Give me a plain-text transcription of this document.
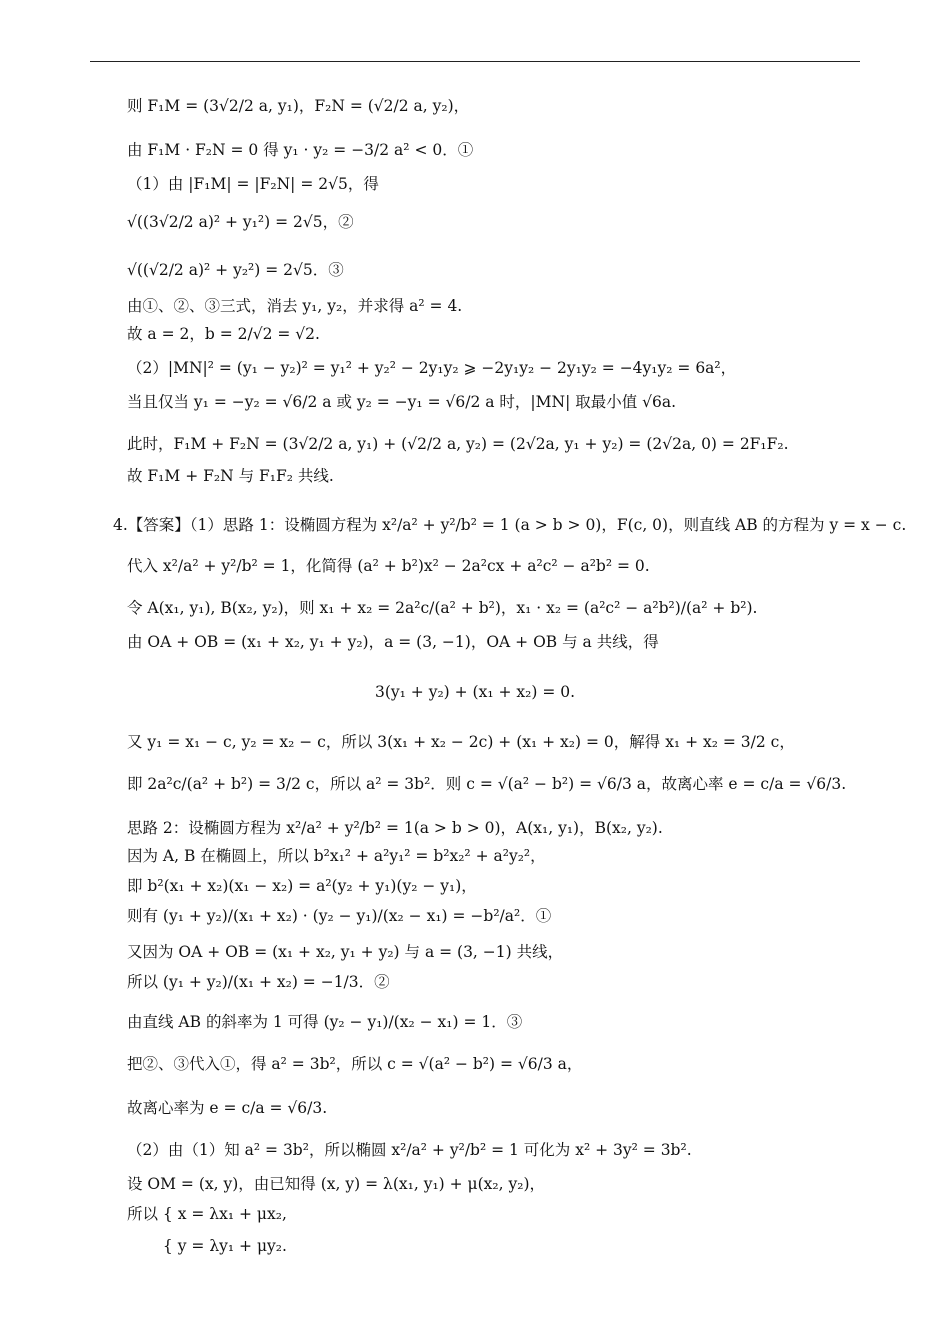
则 F₁M = (3√2/2 a, y₁)，F₂N = (√2/2 a, y₂)，
由 F₁M · F₂N = 0 得 y₁ · y₂ = −3/2 a² < 0．①
（1）由 |F₁M| = |F₂N| = 2√5，得
√((3√2/2 a)² + y₁²) = 2√5，②
√((√2/2 a)² + y₂²) = 2√5．③
由①、②、③三式，消去 y₁, y₂，并求得 a² = 4.
故 a = 2，b = 2/√2 = √2.
（2）|MN|² = (y₁ − y₂)² = y₁² + y₂² − 2y₁y₂ ⩾ −2y₁y₂ − 2y₁y₂ = −4y₁y₂ = 6a²，
当且仅当 y₁ = −y₂ = √6/2 a 或 y₂ = −y₁ = √6/2 a 时，|MN| 取最小值 √6a.
此时，F₁M + F₂N = (3√2/2 a, y₁) + (√2/2 a, y₂) = (2√2a, y₁ + y₂) = (2√2a, 0) = 2F₁F₂.
故 F₁M + F₂N 与 F₁F₂ 共线.
4.【答案】（1）思路 1：设椭圆方程为 x²/a² + y²/b² = 1 (a > b > 0)，F(c, 0)，则直线 AB 的方程为 y = x − c.
代入 x²/a² + y²/b² = 1，化简得 (a² + b²)x² − 2a²cx + a²c² − a²b² = 0.
令 A(x₁, y₁), B(x₂, y₂)，则 x₁ + x₂ = 2a²c/(a² + b²)，x₁ · x₂ = (a²c² − a²b²)/(a² + b²).
由 OA + OB = (x₁ + x₂, y₁ + y₂)，a = (3, −1)，OA + OB 与 a 共线，得
3(y₁ + y₂) + (x₁ + x₂) = 0.
又 y₁ = x₁ − c, y₂ = x₂ − c，所以 3(x₁ + x₂ − 2c) + (x₁ + x₂) = 0，解得 x₁ + x₂ = 3/2 c，
即 2a²c/(a² + b²) = 3/2 c，所以 a² = 3b²．则 c = √(a² − b²) = √6/3 a，故离心率 e = c/a = √6/3.
思路 2：设椭圆方程为 x²/a² + y²/b² = 1(a > b > 0)，A(x₁, y₁)，B(x₂, y₂).
因为 A, B 在椭圆上，所以 b²x₁² + a²y₁² = b²x₂² + a²y₂²，
即 b²(x₁ + x₂)(x₁ − x₂) = a²(y₂ + y₁)(y₂ − y₁)，
则有 (y₁ + y₂)/(x₁ + x₂) · (y₂ − y₁)/(x₂ − x₁) = −b²/a²．①
又因为 OA + OB = (x₁ + x₂, y₁ + y₂) 与 a = (3, −1) 共线，
所以 (y₁ + y₂)/(x₁ + x₂) = −1/3．②
由直线 AB 的斜率为 1 可得 (y₂ − y₁)/(x₂ − x₁) = 1．③
把②、③代入①，得 a² = 3b²，所以 c = √(a² − b²) = √6/3 a，
故离心率为 e = c/a = √6/3.
（2）由（1）知 a² = 3b²，所以椭圆 x²/a² + y²/b² = 1 可化为 x² + 3y² = 3b².
设 OM = (x, y)，由已知得 (x, y) = λ(x₁, y₁) + μ(x₂, y₂)，
所以 { x = λx₁ + μx₂,
　　 { y = λy₁ + μy₂.
